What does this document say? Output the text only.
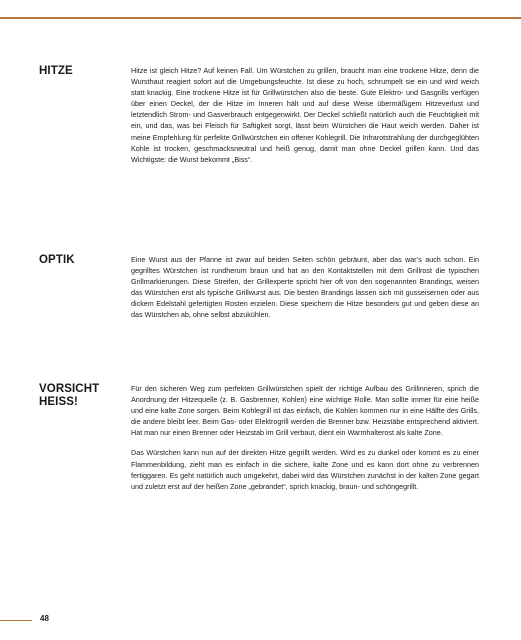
HITZE	Hitze ist gleich Hitze? Auf keinen Fall. Um Würstchen zu grillen, braucht man eine trockene Hitze, denn die Wursthaut reagiert sofort auf die Umgebungsfeuchte. Ist diese zu hoch, schrumpelt sie ein und wird weich statt knackig. Eine trockene Hitze ist für Grillwürstchen also die beste. Gute Elektro- und Gasgrills verfügen über einen Deckel, der die Hitze im Inneren hält und auf diese Weise übermäßigem Hitzeverlust und letztendlich Strom- und Gasverbrauch entgegenwirkt. Der Deckel schließt natürlich auch die Feuchtigkeit mit ein, und das, was bei Fleisch für Saftigkeit sorgt, lässt beim Würstchen die Haut weich werden. Daher ist meine Empfehlung für perfekte Grillwürstchen ein offener Kohlegrill. Die Infrarotstrahlung der durchgeglühten Kohle ist trocken, geschmacksneutral und heiß genug, damit man ohne Deckel grillen kann. Und das Wichtigste: die Wurst bekommt „Biss“.

OPTIK	Eine Wurst aus der Pfanne ist zwar auf beiden Seiten schön gebräunt, aber das war’s auch schon. Ein gegrilltes Würstchen ist rundherum braun und hat an den Kontaktstellen mit dem Grillrost die typischen Grillmarkierungen. Diese Streifen, der Grillexperte spricht hier oft von den sogenannten Brandings, weisen das Würstchen erst als typische Grillwurst aus. Die besten Brandings lassen sich mit gusseisernen oder aus dickem Edelstahl gefertigten Rosten erzielen. Diese speichern die Hitze besonders gut und geben diese an das Würstchen ab, ohne selbst abzukühlen.

VORSICHT
HEISS!

Für den sicheren Weg zum perfekten Grillwürstchen spielt der richtige Aufbau des Grillinneren, sprich die Anordnung der Hitzequelle (z. B. Gasbrenner, Kohlen) eine wichtige Rolle. Man sollte immer für eine heiße und eine kalte Zone sorgen. Beim Kohlegrill ist das einfach, die Kohlen kommen nur in eine Hälfte des Grills, die andere bleibt leer. Beim Gas- oder Elektrogrill werden die Brenner bzw. Heizstäbe entsprechend aktiviert. Hat man nur einen Brenner oder Heizstab im Grill verbaut, dient ein Warmhalterost als kalte Zone.

Das Würstchen kann nun auf der direkten Hitze gegrillt werden. Wird es zu dunkel oder kommt es zu einer Flammenbildung, zieht man es einfach in die sichere, kalte Zone und es kann dort ohne zu verbrennen fertiggaren. Es geht natürlich auch umgekehrt, dabei wird das Würstchen zunächst in der kalten Zone gegart und zuletzt erst auf der heißen Zone „gebrandet“, sprich knackig, braun- und schöngegrillt.

48
